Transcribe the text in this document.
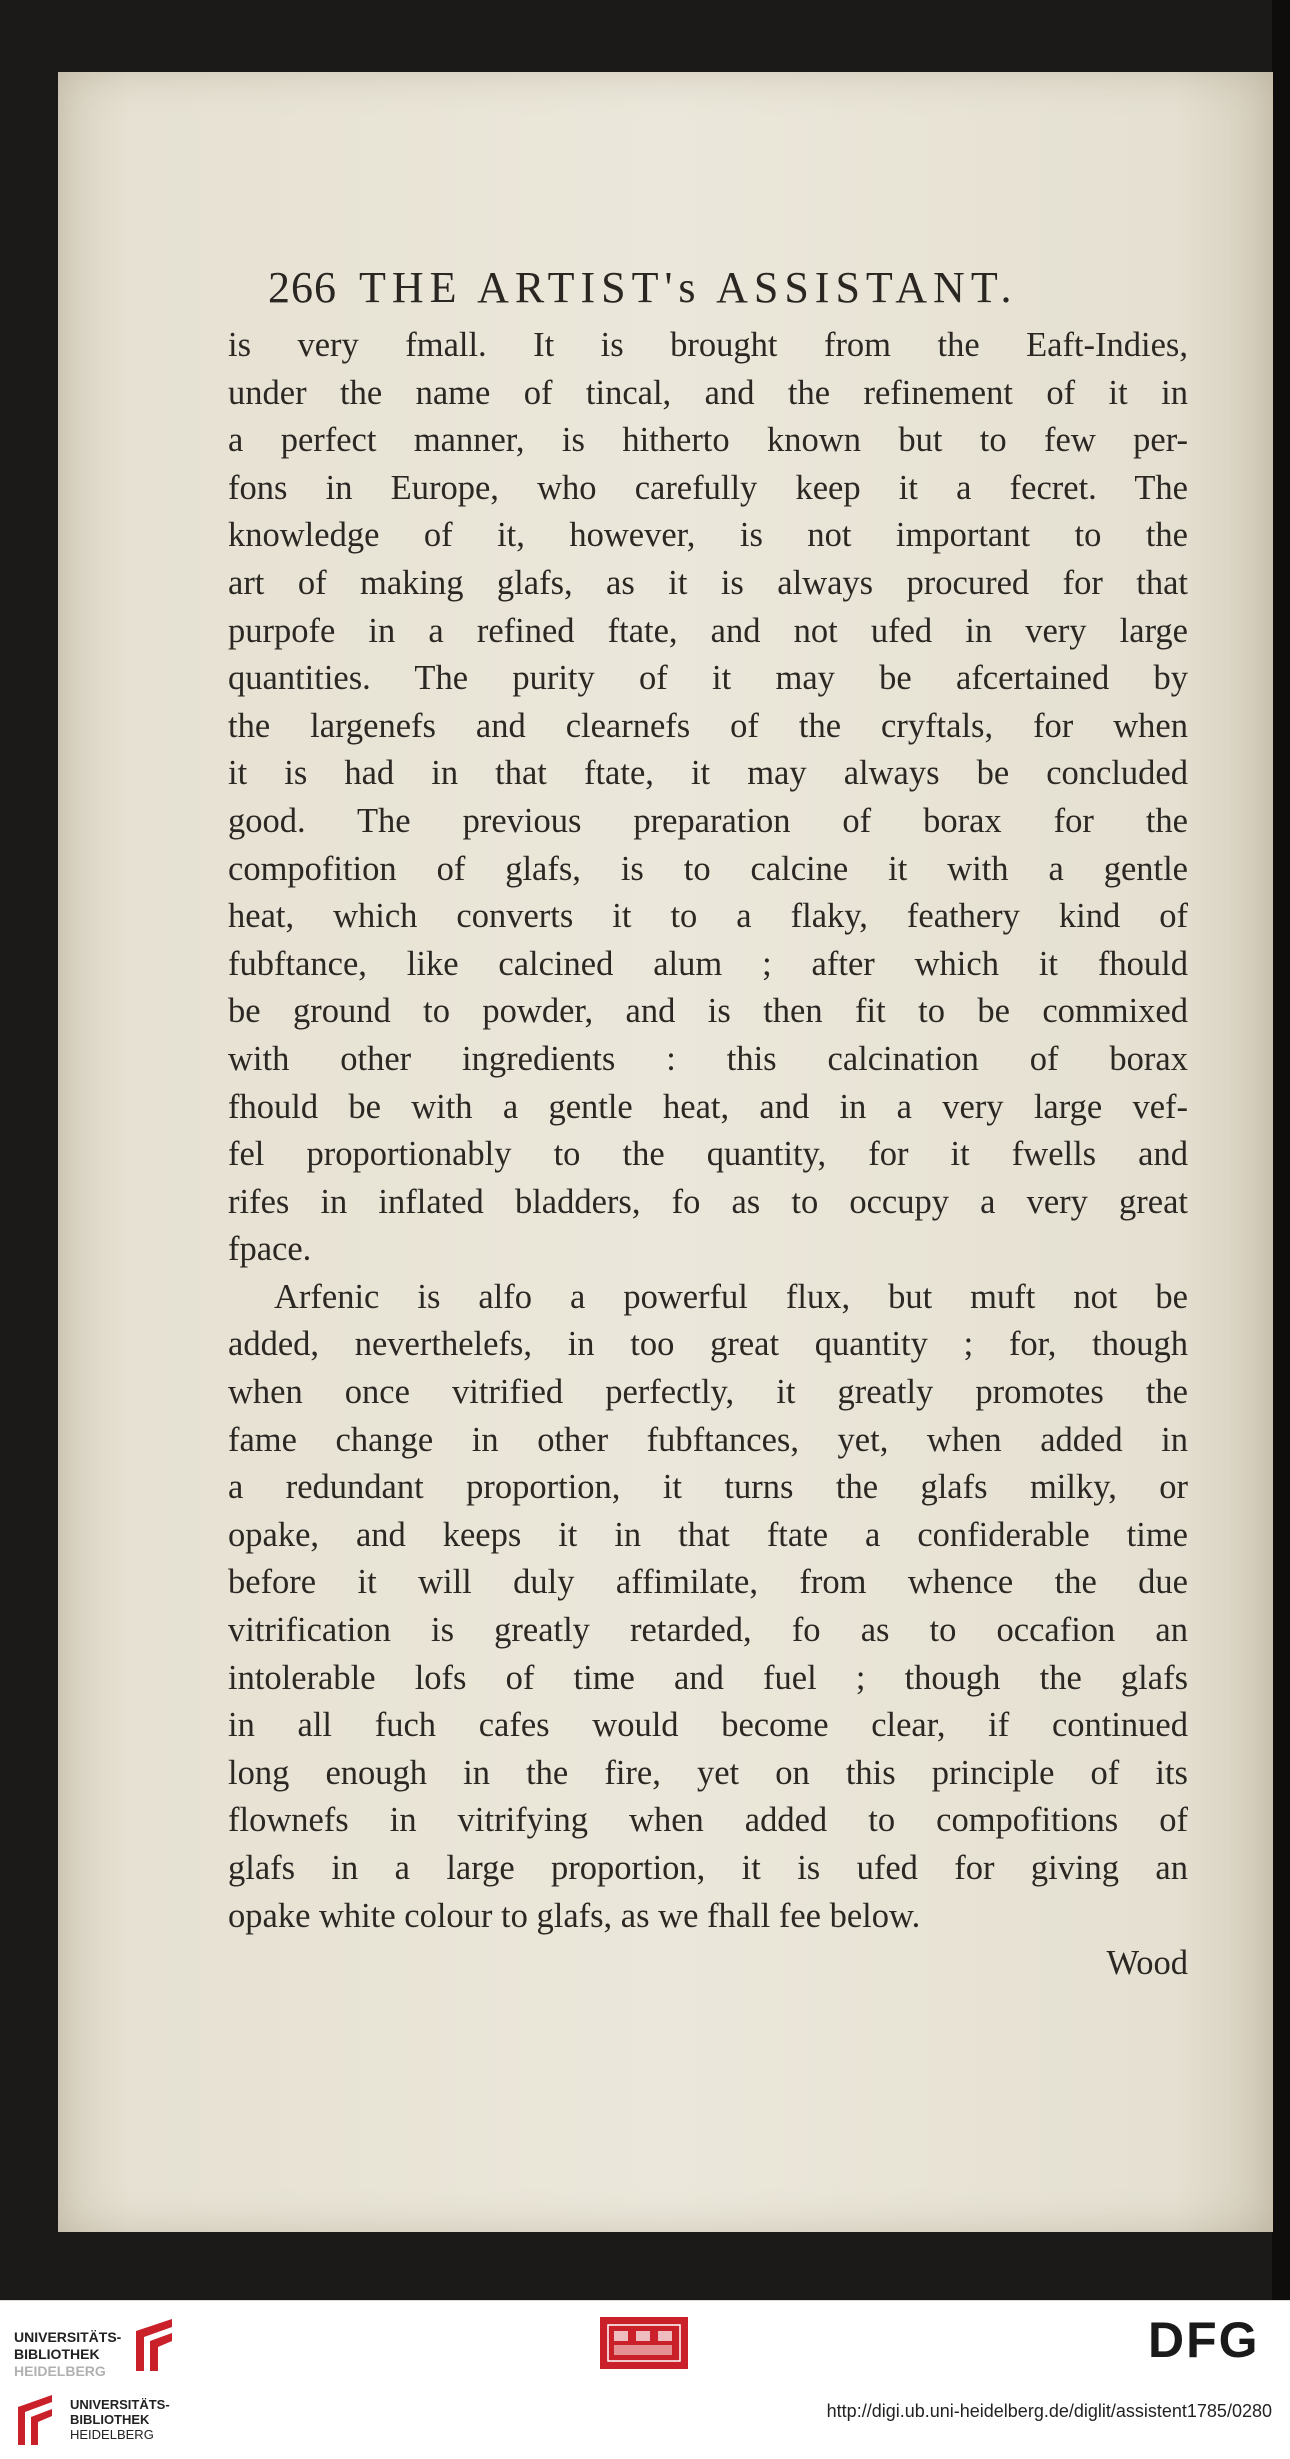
266 THE ARTIST's ASSISTANT.
is very fmall. It is brought from the Eaft-Indies,
under the name of tincal, and the refinement of it in
a perfect manner, is hitherto known but to few per-
fons in Europe, who carefully keep it a fecret. The
knowledge of it, however, is not important to the
art of making glafs, as it is always procured for that
purpofe in a refined ftate, and not ufed in very large
quantities. The purity of it may be afcertained by
the largenefs and clearnefs of the cryftals, for when
it is had in that ftate, it may always be concluded
good. The previous preparation of borax for the
compofition of glafs, is to calcine it with a gentle
heat, which converts it to a flaky, feathery kind of
fubftance, like calcined alum ; after which it fhould
be ground to powder, and is then fit to be commixed
with other ingredients : this calcination of borax
fhould be with a gentle heat, and in a very large vef-
fel proportionably to the quantity, for it fwells and
rifes in inflated bladders, fo as to occupy a very great
fpace.
Arfenic is alfo a powerful flux, but muft not be
added, neverthelefs, in too great quantity ; for, though
when once vitrified perfectly, it greatly promotes the
fame change in other fubftances, yet, when added in
a redundant proportion, it turns the glafs milky, or
opake, and keeps it in that ftate a confiderable time
before it will duly affimilate, from whence the due
vitrification is greatly retarded, fo as to occafion an
intolerable lofs of time and fuel ; though the glafs
in all fuch cafes would become clear, if continued
long enough in the fire, yet on this principle of its
flownefs in vitrifying when added to compofitions of
glafs in a large proportion, it is ufed for giving an
opake white colour to glafs, as we fhall fee below.
Wood
UNIVERSITÄTS-
BIBLIOTHEK
HEIDELBERG
UNIVERSITÄTS-
BIBLIOTHEK
HEIDELBERG
DFG
http://digi.ub.uni-heidelberg.de/diglit/assistent1785/0280
